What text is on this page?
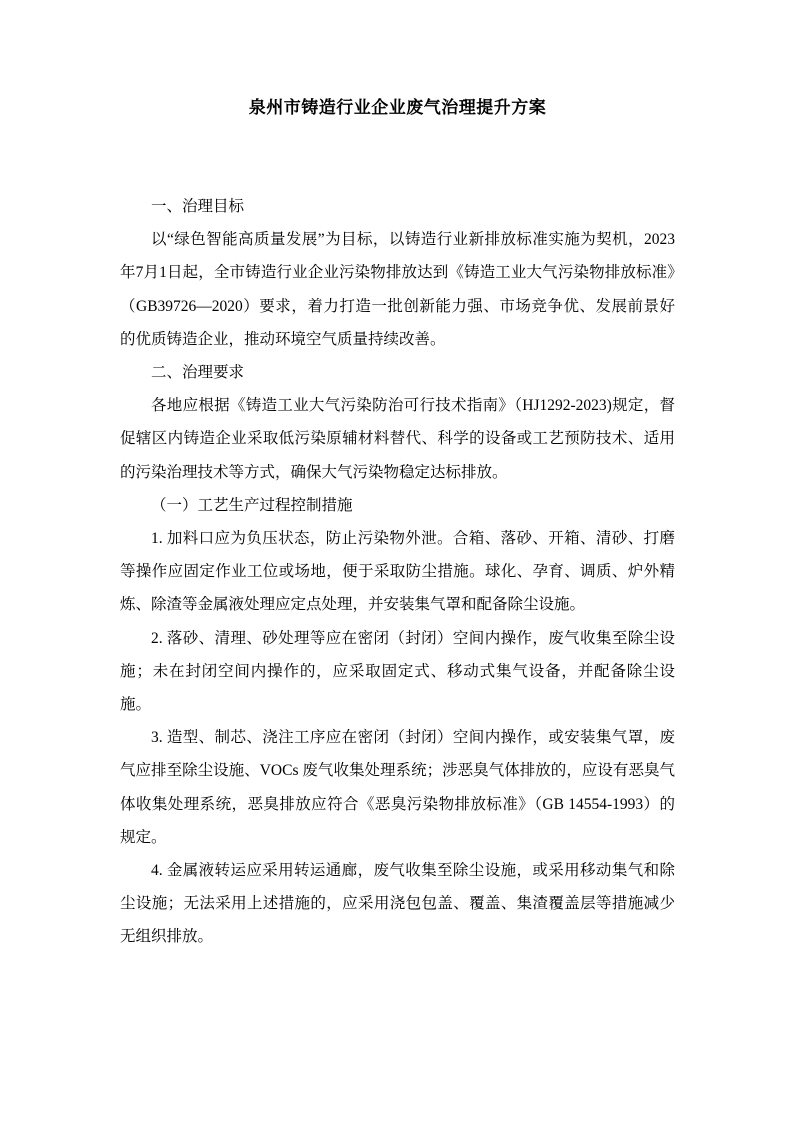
泉州市铸造行业企业废气治理提升方案

一、治理目标

以“绿色智能高质量发展”为目标，以铸造行业新排放标准实施为契机，2023年7月1日起，全市铸造行业企业污染物排放达到《铸造工业大气污染物排放标准》（GB39726—2020）要求，着力打造一批创新能力强、市场竞争优、发展前景好的优质铸造企业，推动环境空气质量持续改善。

二、治理要求

各地应根据《铸造工业大气污染防治可行技术指南》（HJ1292-2023)规定，督促辖区内铸造企业采取低污染原辅材料替代、科学的设备或工艺预防技术、适用的污染治理技术等方式，确保大气污染物稳定达标排放。

（一）工艺生产过程控制措施

1. 加料口应为负压状态，防止污染物外泄。合箱、落砂、开箱、清砂、打磨等操作应固定作业工位或场地，便于采取防尘措施。球化、孕育、调质、炉外精炼、除渣等金属液处理应定点处理，并安装集气罩和配备除尘设施。

2. 落砂、清理、砂处理等应在密闭（封闭）空间内操作，废气收集至除尘设施；未在封闭空间内操作的，应采取固定式、移动式集气设备，并配备除尘设施。

3. 造型、制芯、浇注工序应在密闭（封闭）空间内操作，或安装集气罩，废气应排至除尘设施、VOCs 废气收集处理系统；涉恶臭气体排放的，应设有恶臭气体收集处理系统，恶臭排放应符合《恶臭污染物排放标准》（GB 14554-1993）的规定。

4. 金属液转运应采用转运通廊，废气收集至除尘设施，或采用移动集气和除尘设施；无法采用上述措施的，应采用浇包包盖、覆盖、集渣覆盖层等措施减少无组织排放。
